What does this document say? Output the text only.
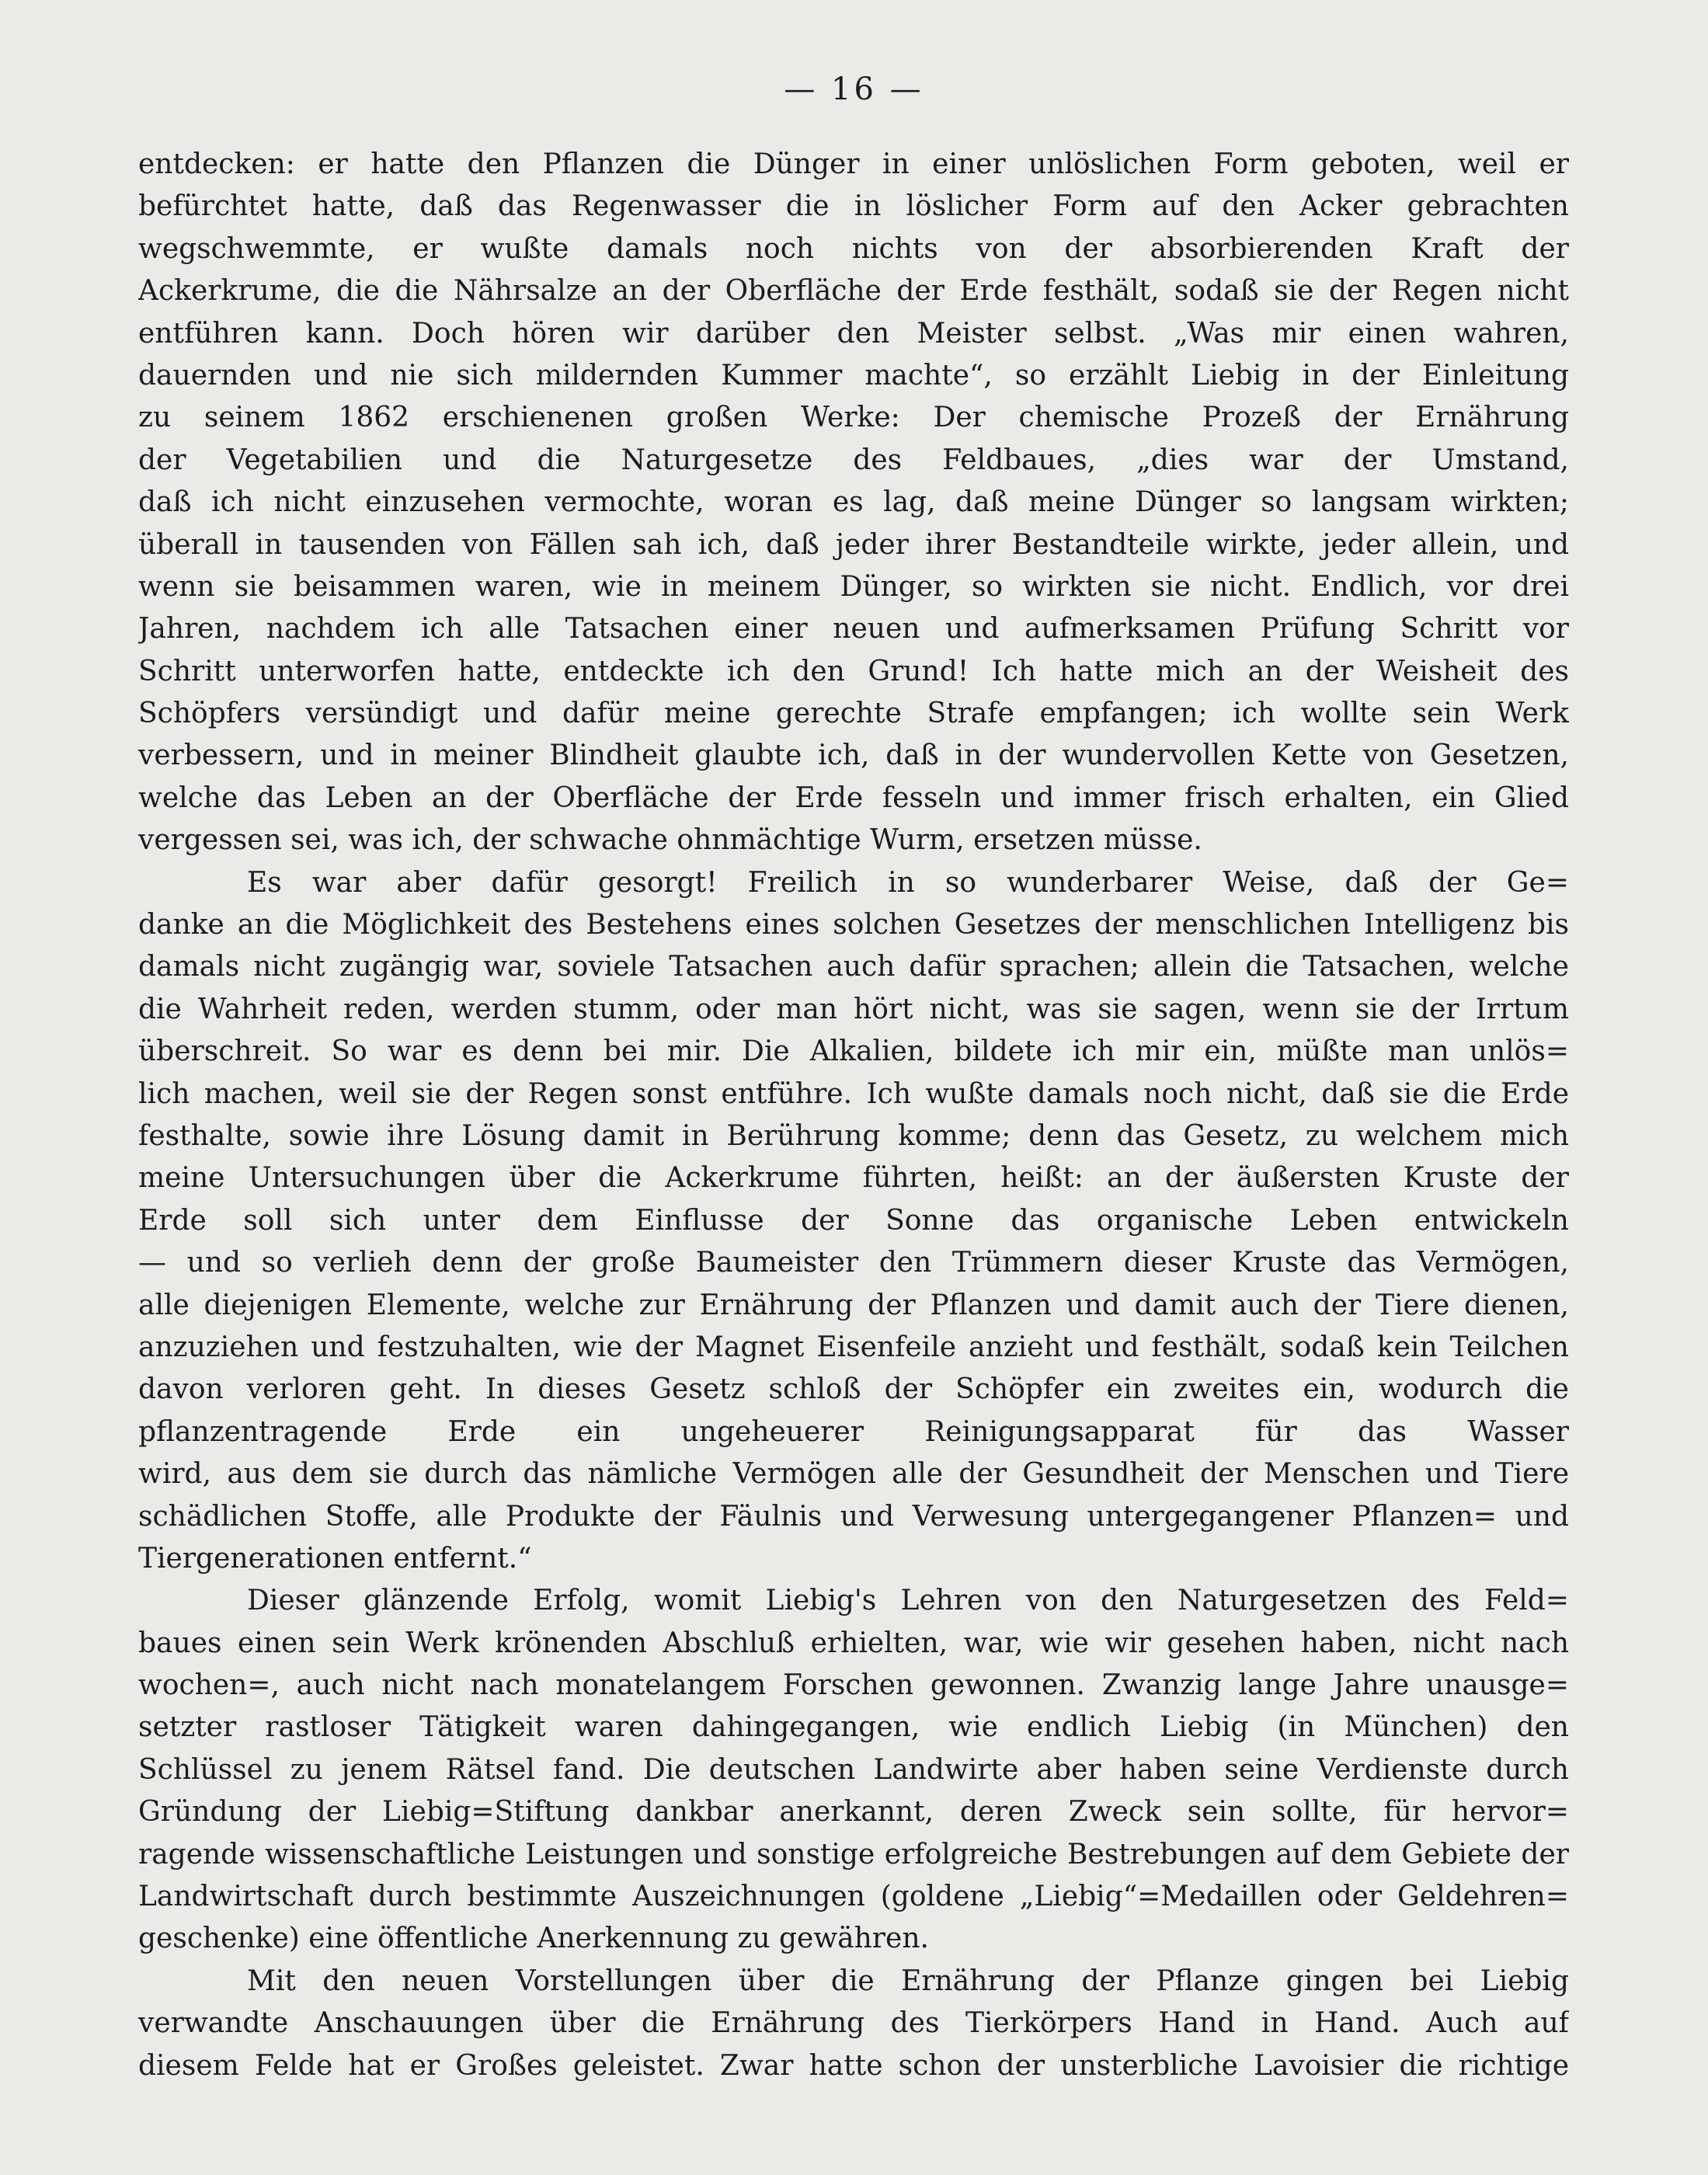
— 16 —
entdecken: er hatte den Pflanzen die Dünger in einer unlöslichen Form geboten, weil er
befürchtet hatte, daß das Regenwasser die in löslicher Form auf den Acker gebrachten
wegschwemmte, er wußte damals noch nichts von der absorbierenden Kraft der
Ackerkrume, die die Nährsalze an der Oberfläche der Erde festhält, sodaß sie der Regen nicht
entführen kann. Doch hören wir darüber den Meister selbst. „Was mir einen wahren,
dauernden und nie sich mildernden Kummer machte“, so erzählt Liebig in der Einleitung
zu seinem 1862 erschienenen großen Werke: Der chemische Prozeß der Ernährung
der Vegetabilien und die Naturgesetze des Feldbaues, „dies war der Umstand,
daß ich nicht einzusehen vermochte, woran es lag, daß meine Dünger so langsam wirkten;
überall in tausenden von Fällen sah ich, daß jeder ihrer Bestandteile wirkte, jeder allein, und
wenn sie beisammen waren, wie in meinem Dünger, so wirkten sie nicht. Endlich, vor drei
Jahren, nachdem ich alle Tatsachen einer neuen und aufmerksamen Prüfung Schritt vor
Schritt unterworfen hatte, entdeckte ich den Grund! Ich hatte mich an der Weisheit des
Schöpfers versündigt und dafür meine gerechte Strafe empfangen; ich wollte sein Werk
verbessern, und in meiner Blindheit glaubte ich, daß in der wundervollen Kette von Gesetzen,
welche das Leben an der Oberfläche der Erde fesseln und immer frisch erhalten, ein Glied
vergessen sei, was ich, der schwache ohnmächtige Wurm, ersetzen müsse.
Es war aber dafür gesorgt! Freilich in so wunderbarer Weise, daß der Ge=
danke an die Möglichkeit des Bestehens eines solchen Gesetzes der menschlichen Intelligenz bis
damals nicht zugängig war, soviele Tatsachen auch dafür sprachen; allein die Tatsachen, welche
die Wahrheit reden, werden stumm, oder man hört nicht, was sie sagen, wenn sie der Irrtum
überschreit. So war es denn bei mir. Die Alkalien, bildete ich mir ein, müßte man unlös=
lich machen, weil sie der Regen sonst entführe. Ich wußte damals noch nicht, daß sie die Erde
festhalte, sowie ihre Lösung damit in Berührung komme; denn das Gesetz, zu welchem mich
meine Untersuchungen über die Ackerkrume führten, heißt: an der äußersten Kruste der
Erde soll sich unter dem Einflusse der Sonne das organische Leben entwickeln
— und so verlieh denn der große Baumeister den Trümmern dieser Kruste das Vermögen,
alle diejenigen Elemente, welche zur Ernährung der Pflanzen und damit auch der Tiere dienen,
anzuziehen und festzuhalten, wie der Magnet Eisenfeile anzieht und festhält, sodaß kein Teilchen
davon verloren geht. In dieses Gesetz schloß der Schöpfer ein zweites ein, wodurch die
pflanzentragende Erde ein ungeheuerer Reinigungsapparat für das Wasser
wird, aus dem sie durch das nämliche Vermögen alle der Gesundheit der Menschen und Tiere
schädlichen Stoffe, alle Produkte der Fäulnis und Verwesung untergegangener Pflanzen= und
Tiergenerationen entfernt.“
Dieser glänzende Erfolg, womit Liebig's Lehren von den Naturgesetzen des Feld=
baues einen sein Werk krönenden Abschluß erhielten, war, wie wir gesehen haben, nicht nach
wochen=, auch nicht nach monatelangem Forschen gewonnen. Zwanzig lange Jahre unausge=
setzter rastloser Tätigkeit waren dahingegangen, wie endlich Liebig (in München) den
Schlüssel zu jenem Rätsel fand. Die deutschen Landwirte aber haben seine Verdienste durch
Gründung der Liebig=Stiftung dankbar anerkannt, deren Zweck sein sollte, für hervor=
ragende wissenschaftliche Leistungen und sonstige erfolgreiche Bestrebungen auf dem Gebiete der
Landwirtschaft durch bestimmte Auszeichnungen (goldene „Liebig“=Medaillen oder Geldehren=
geschenke) eine öffentliche Anerkennung zu gewähren.
Mit den neuen Vorstellungen über die Ernährung der Pflanze gingen bei Liebig
verwandte Anschauungen über die Ernährung des Tierkörpers Hand in Hand. Auch auf
diesem Felde hat er Großes geleistet. Zwar hatte schon der unsterbliche Lavoisier die richtige
